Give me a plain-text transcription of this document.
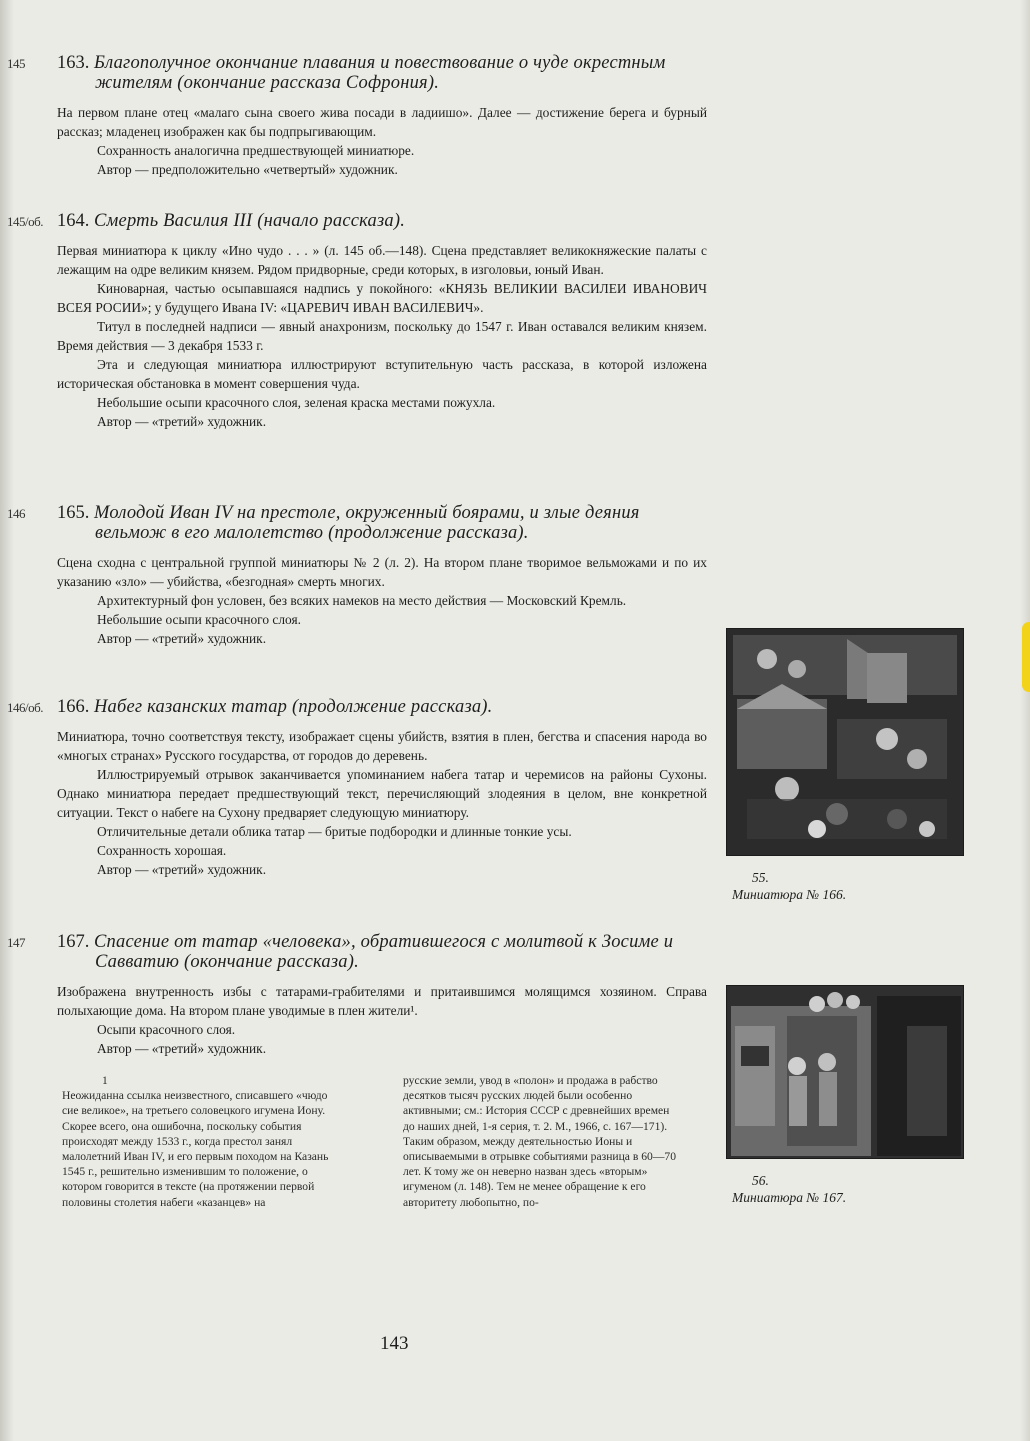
145 163. Благополучное окончание плавания и повествование о чуде окрестным жителям (окончание рассказа Софрония).

На первом плане отец «малаго сына своего жива посади в ладиишо». Далее — достижение берега и бурный рассказ; младенец изображен как бы подпрыгивающим.

Сохранность аналогична предшествующей миниатюре.

Автор — предположительно «четвертый» художник.

145/об. 164. Смерть Василия III (начало рассказа).

Первая миниатюра к циклу «Ино чудо . . . » (л. 145 об.—148). Сцена представляет великокняжеские палаты с лежащим на одре великим князем. Рядом придворные, среди которых, в изголовьи, юный Иван.

Киноварная, частью осыпавшаяся надпись у покойного: «КНЯЗЬ ВЕЛИКИИ ВАСИЛЕИ ИВАНОВИЧ ВСЕЯ РОСИИ»; у будущего Ивана IV: «ЦАРЕВИЧ ИВАН ВАСИЛЕВИЧ».

Титул в последней надписи — явный анахронизм, поскольку до 1547 г. Иван оставался великим князем. Время действия — 3 декабря 1533 г.

Эта и следующая миниатюра иллюстрируют вступительную часть рассказа, в которой изложена историческая обстановка в момент совершения чуда.

Небольшие осыпи красочного слоя, зеленая краска местами пожухла.

Автор — «третий» художник.

146 165. Молодой Иван IV на престоле, окруженный боярами, и злые деяния вельмож в его малолетство (продолжение рассказа).

Сцена сходна с центральной группой миниатюры № 2 (л. 2). На втором плане творимое вельможами и по их указанию «зло» — убийства, «безгодная» смерть многих.

Архитектурный фон условен, без всяких намеков на место действия — Московский Кремль.

Небольшие осыпи красочного слоя.

Автор — «третий» художник.

146/об. 166. Набег казанских татар (продолжение рассказа).

Миниатюра, точно соответствуя тексту, изображает сцены убийств, взятия в плен, бегства и спасения народа во «многых странах» Русского государства, от городов до деревень.

Иллюстрируемый отрывок заканчивается упоминанием набега татар и черемисов на районы Сухоны. Однако миниатюра передает предшествующий текст, перечисляющий злодеяния в целом, вне конкретной ситуации. Текст о набеге на Сухону предваряет следующую миниатюру.

Отличительные детали облика татар — бритые подбородки и длинные тонкие усы.

Сохранность хорошая.

Автор — «третий» художник.

147 167. Спасение от татар «человека», обратившегося с молитвой к Зосиме и Савватию (окончание рассказа).

Изображена внутренность избы с татарами-грабителями и притаившимся молящимся хозяином. Справа полыхающие дома. На втором плане уводимые в плен жители¹.

Осыпи красочного слоя.

Автор — «третий» художник.

55.
Миниатюра № 166.
56.
Миниатюра № 167.
1
Неожиданна ссылка неизвестного, списавшего «чюдо сие великое», на третьего соловецкого игумена Иону. Скорее всего, она ошибочна, поскольку события происходят между 1533 г., когда престол занял малолетний Иван IV, и его первым походом на Казань 1545 г., решительно изменившим то положение, о котором говорится в тексте (на протяжении первой половины столетия набеги «казанцев» на
русские земли, увод в «полон» и продажа в рабство десятков тысяч русских людей были особенно активными; см.: История СССР с древнейших времен до наших дней, 1-я серия, т. 2. М., 1966, с. 167—171). Таким образом, между деятельностью Ионы и описываемыми в отрывке событиями разница в 60—70 лет. К тому же он неверно назван здесь «вторым» игуменом (л. 148). Тем не менее обращение к его авторитету любопытно, по-
143
